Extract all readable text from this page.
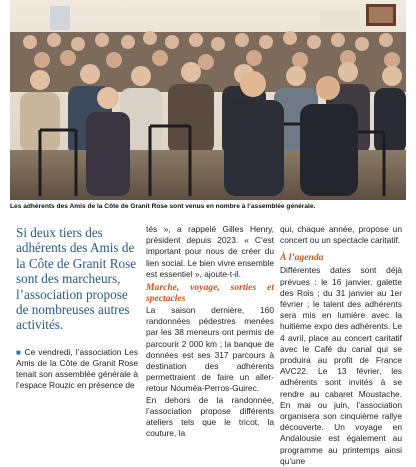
Les adhérents des Amis de la Côte de Granit Rose sont venus en nombre à l’assemblée générale.
Si deux tiers des adhérents des Amis de la Côte de Granit Rose sont des marcheurs, l’association propose de nombreuses autres activités.
■ Ce vendredi, l’association Les Amis de la Côte de Granit Rose tenait son assemblée générale à l’espace Rouzic en présence de
tés », a rappelé Gilles Henry, président depuis 2023. « C’est important pour nous de créer du lien social. Le bien vivre ensemble est essentiel », ajoute-t-il.
Marche, voyage, sorties et spectacles
La saison dernière, 160 randonnées pédestres menées par les 38 meneurs ont permis de parcourir 2 000 km ; la banque de données est ses 317 parcours à destination des adhérents permettraient de faire un aller-retour Nouméa-Perros-Guirec.
En dehors de la randonnée, l’association propose différents ateliers tels que le tricot, la couture, la
qui, chaque année, propose un concert ou un spectacle caritatif.
À l’agenda
Différentes dates sont déjà prévues : le 16 janvier, galette des Rois ; du 31 janvier au 1er février ; le talent des adhérents sera mis en lumière avec la huitième expo des adhérents. Le 4 avril, place au concert caritatif avec le Café du canal qui se produira au profit de France AVC22. Le 13 février, les adhérents sont invités à se rendre au cabaret Moustache. En mai ou juin, l’association organisera son cinquième rallye découverte. Un voyage en Andalousie est également au programme au printemps ainsi qu’une
